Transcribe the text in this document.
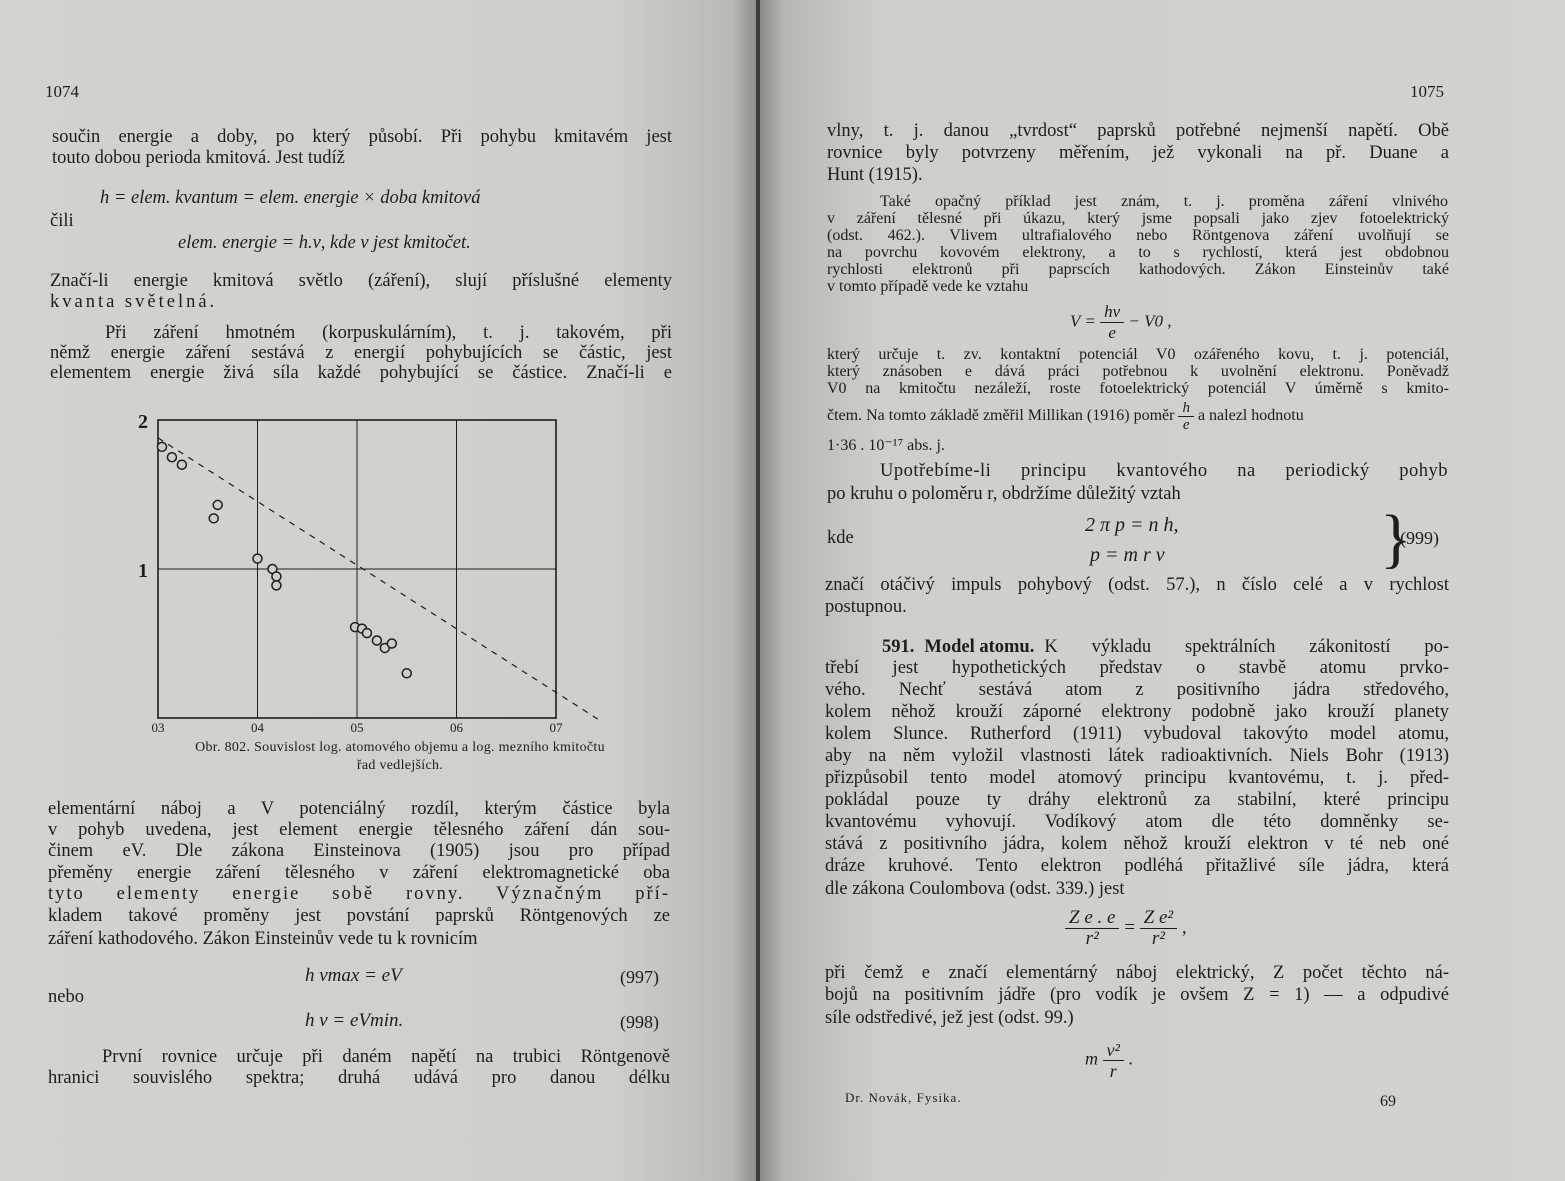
1074
součin energie a doby, po který působí. Při pohybu kmitavém jest
touto dobou perioda kmitová. Jest tudíž
h = elem. kvantum = elem. energie × doba kmitová
čili
elem. energie = h.ν, kde ν jest kmitočet.
Značí-li energie kmitová světlo (záření), slují příslušné elementy
kvanta světelná.
Při záření hmotném (korpuskulárním), t. j. takovém, při
němž energie záření sestává z energií pohybujících se částic, jest
elementem energie živá síla každé pohybující se částice. Značí-li e
03	04	05	06	07
1
2
Obr. 802. Souvislost log. atomového objemu a log. mezního kmitočtu
řad vedlejších.
elementární náboj a V potenciálný rozdíl, kterým částice byla
v pohyb uvedena, jest element energie tělesného záření dán sou-
činem eV. Dle zákona Einsteinova (1905) jsou pro případ
přeměny energie záření tělesného v záření elektromagnetické oba
tyto elementy energie sobě rovny. Význačným pří-
kladem takové proměny jest povstání paprsků Röntgenových ze
záření kathodového. Zákon Einsteinův vede tu k rovnicím
h νmax = eV	(997)
nebo
h ν = eVmin.	(998)
První rovnice určuje při daném napětí na trubici Röntgenově
hranici souvislého spektra; druhá udává pro danou délku
1075
vlny, t. j. danou „tvrdost“ paprsků potřebné nejmenší napětí. Obě
rovnice byly potvrzeny měřením, jež vykonali na př. Duane a
Hunt (1915).
Také opačný příklad jest znám, t. j. proměna záření vlnivého
v záření tělesné při úkazu, který jsme popsali jako zjev fotoelektrický
(odst. 462.). Vlivem ultrafialového nebo Röntgenova záření uvolňují se
na povrchu kovovém elektrony, a to s rychlostí, která jest obdobnou
rychlosti elektronů při paprscích kathodových. Zákon Einsteinův také
v tomto případě vede ke vztahu
$V = \frac{h\nu}{e} - V0$ ,
který určuje t. zv. kontaktní potenciál V0 ozářeného kovu, t. j. potenciál,
který znásoben e dává práci potřebnou k uvolnění elektronu. Poněvadž
V0 na kmitočtu nezáleží, roste fotoelektrický potenciál V úměrně s kmito-
čtem. Na tomto základě změřil Millikan (1916) poměr $\frac{h}{e}$ a nalezl hodnotu
1·36 . 10⁻¹⁷ abs. j.
Upotřebíme-li principu kvantového na periodický pohyb
po kruhu o poloměru r, obdržíme důležitý vztah
kde
2 π p = n h,
p = m r v	}
(999)
značí otáčivý impuls pohybový (odst. 57.), n číslo celé a v rychlost
postupnou.
591. Model atomu. K výkladu spektrálních zákonitostí po-
třebí jest hypothetických představ o stavbě atomu prvko-
vého. Nechť sestává atom z positivního jádra středového,
kolem něhož krouží záporné elektrony podobně jako krouží planety
kolem Slunce. Rutherford (1911) vybudoval takovýto model atomu,
aby na něm vyložil vlastnosti látek radioaktivních. Niels Bohr (1913)
přizpůsobil tento model atomový principu kvantovému, t. j. před-
pokládal pouze ty dráhy elektronů za stabilní, které principu
kvantovému vyhovují. Vodíkový atom dle této domněnky se-
stává z positivního jádra, kolem něhož krouží elektron v té neb oné
dráze kruhové. Tento elektron podléhá přitažlivé síle jádra, která
dle zákona Coulombova (odst. 339.) jest
$\frac{\text{Z e . e}}{\text{r²}} = \frac{\text{Z e²}}{\text{r²}}$ ,
při čemž e značí elementárný náboj elektrický, Z počet těchto ná-
bojů na positivním jádře (pro vodík je ovšem Z = 1) — a odpudivé
síle odstředivé, jež jest (odst. 99.)
m $\frac{\text{v²}}{r}$ .
Dr. Novák, Fysika.	69
